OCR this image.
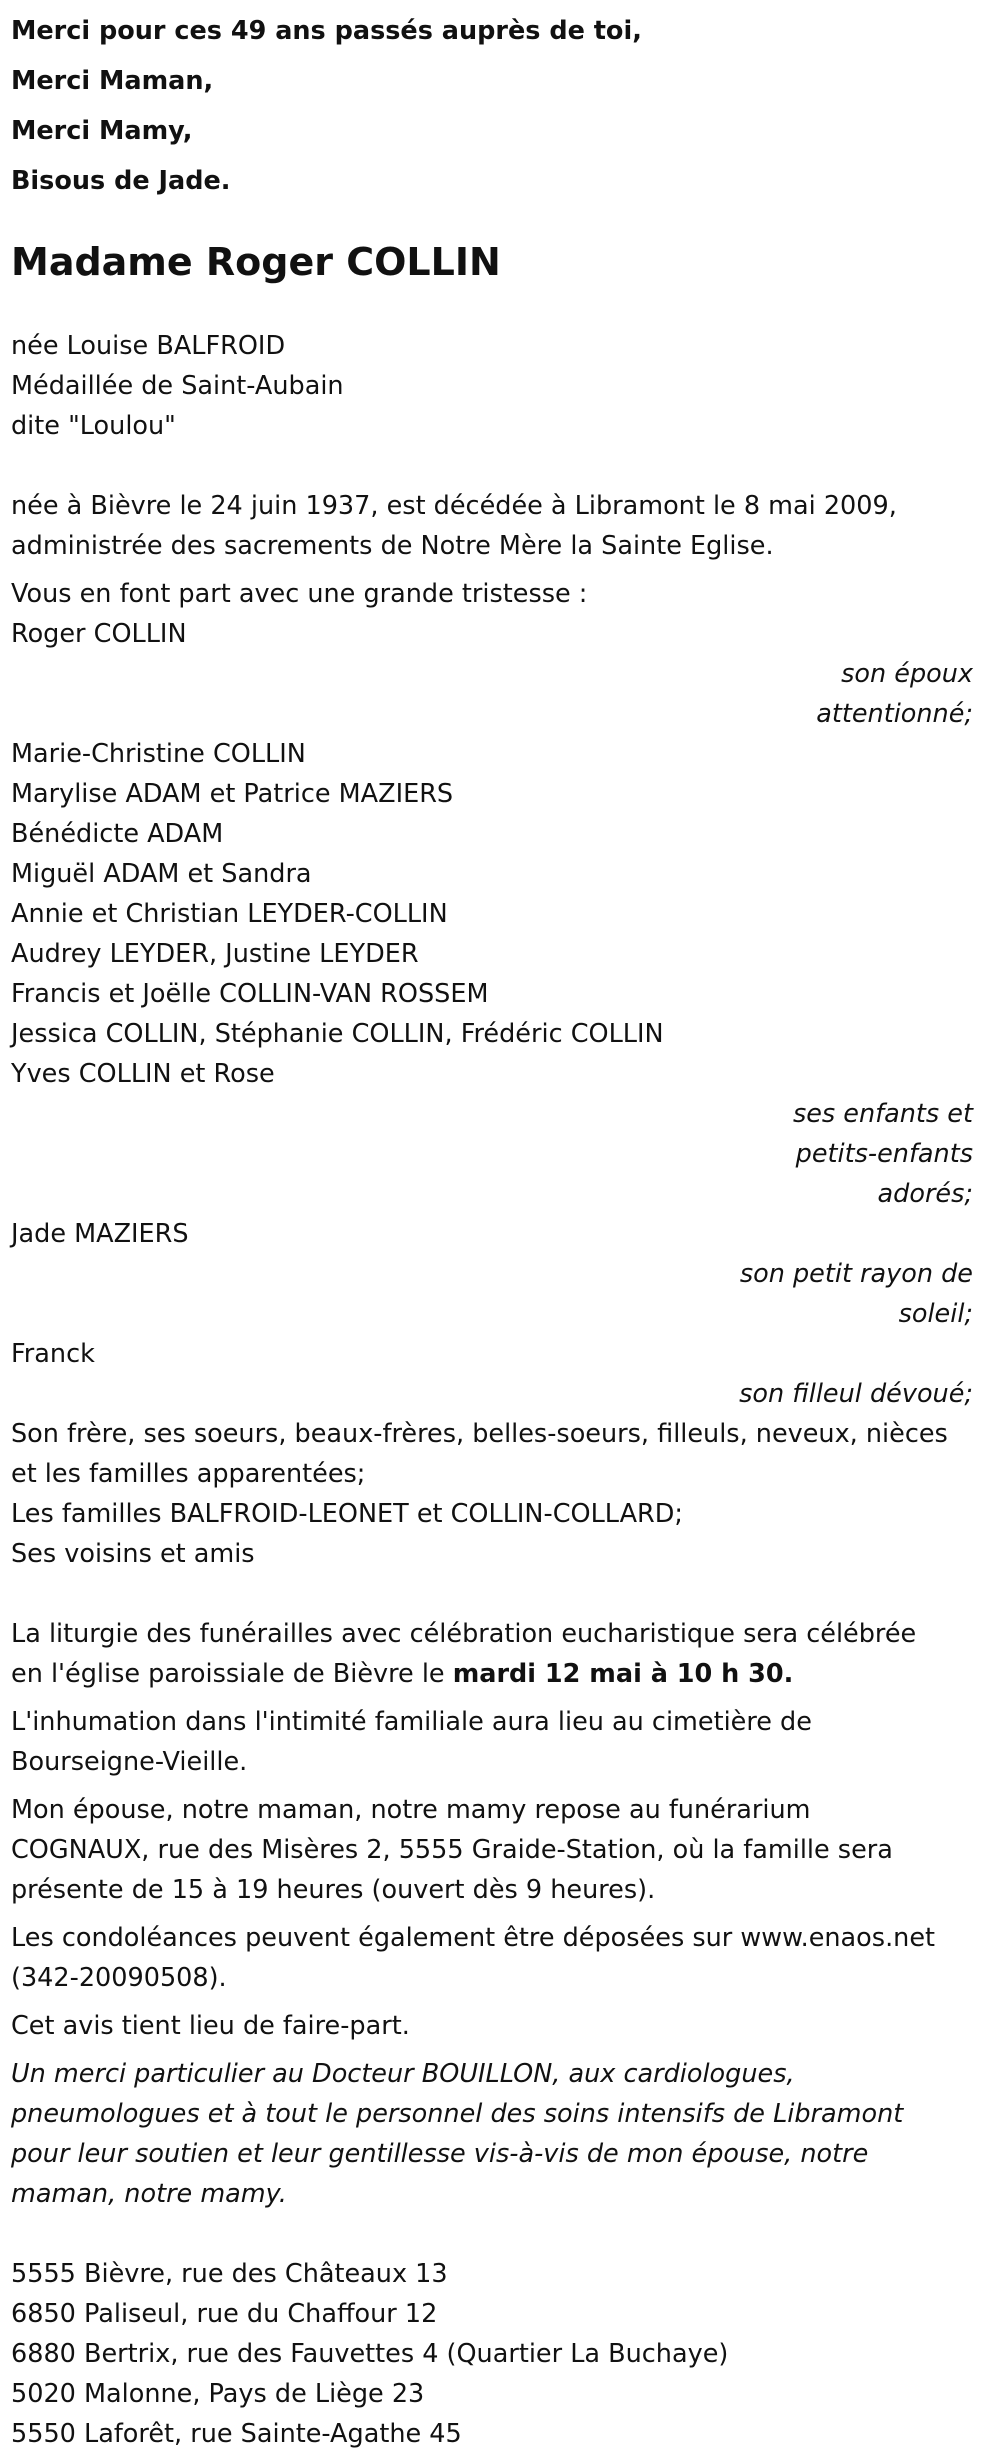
Merci pour ces 49 ans passés auprès de toi,

Merci Maman,

Merci Mamy,

Bisous de Jade.

Madame Roger COLLIN

née Louise BALFROID

Médaillée de Saint-Aubain

dite "Loulou"

née à Bièvre le 24 juin 1937, est décédée à Libramont le 8 mai 2009,

administrée des sacrements de Notre Mère la Sainte Eglise.

Vous en font part avec une grande tristesse :

Roger COLLIN

son époux
attentionné;

Marie-Christine COLLIN

Marylise ADAM et Patrice MAZIERS

Bénédicte ADAM

Miguël ADAM et Sandra

Annie et Christian LEYDER-COLLIN

Audrey LEYDER, Justine LEYDER

Francis et Joëlle COLLIN-VAN ROSSEM

Jessica COLLIN, Stéphanie COLLIN, Frédéric COLLIN

Yves COLLIN et Rose

ses enfants et
petits-enfants
adorés;

Jade MAZIERS

son petit rayon de
soleil;

Franck

son filleul dévoué;

Son frère, ses soeurs, beaux-frères, belles-soeurs, filleuls, neveux, nièces

et les familles apparentées;

Les familles BALFROID-LEONET et COLLIN-COLLARD;

Ses voisins et amis

La liturgie des funérailles avec célébration eucharistique sera célébrée

en l'église paroissiale de Bièvre le mardi 12 mai à 10 h 30.

L'inhumation dans l'intimité familiale aura lieu au cimetière de

Bourseigne-Vieille.

Mon épouse, notre maman, notre mamy repose au funérarium

COGNAUX, rue des Misères 2, 5555 Graide-Station, où la famille sera

présente de 15 à 19 heures (ouvert dès 9 heures).

Les condoléances peuvent également être déposées sur www.enaos.net

(342-20090508).

Cet avis tient lieu de faire-part.

Un merci particulier au Docteur BOUILLON, aux cardiologues,

pneumologues et à tout le personnel des soins intensifs de Libramont

pour leur soutien et leur gentillesse vis-à-vis de mon épouse, notre

maman, notre mamy.

5555 Bièvre, rue des Châteaux 13

6850 Paliseul, rue du Chaffour 12

6880 Bertrix, rue des Fauvettes 4 (Quartier La Buchaye)

5020 Malonne, Pays de Liège 23

5550 Laforêt, rue Sainte-Agathe 45
